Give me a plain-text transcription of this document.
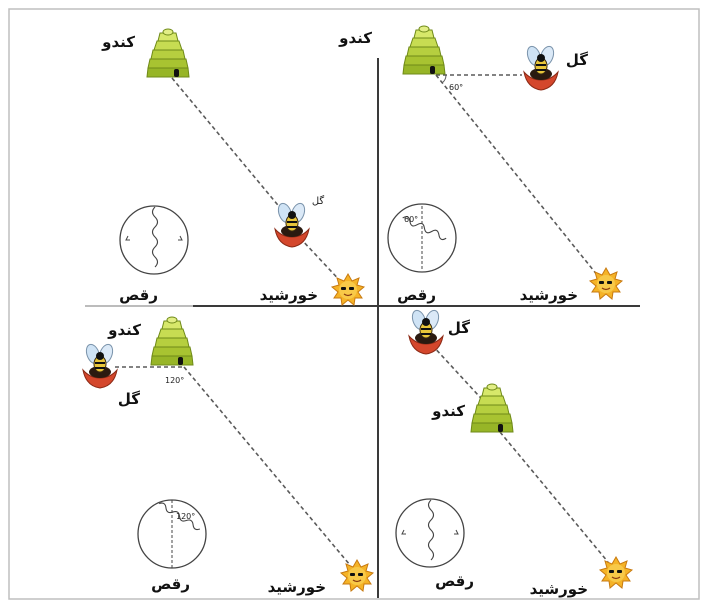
کندو
گل
خورشید
رقص
کندو
گل
60°
60°
خورشید
رقص
کندو
گل
120°
120°
خورشید
رقص
گل
کندو
خورشید
رقص
